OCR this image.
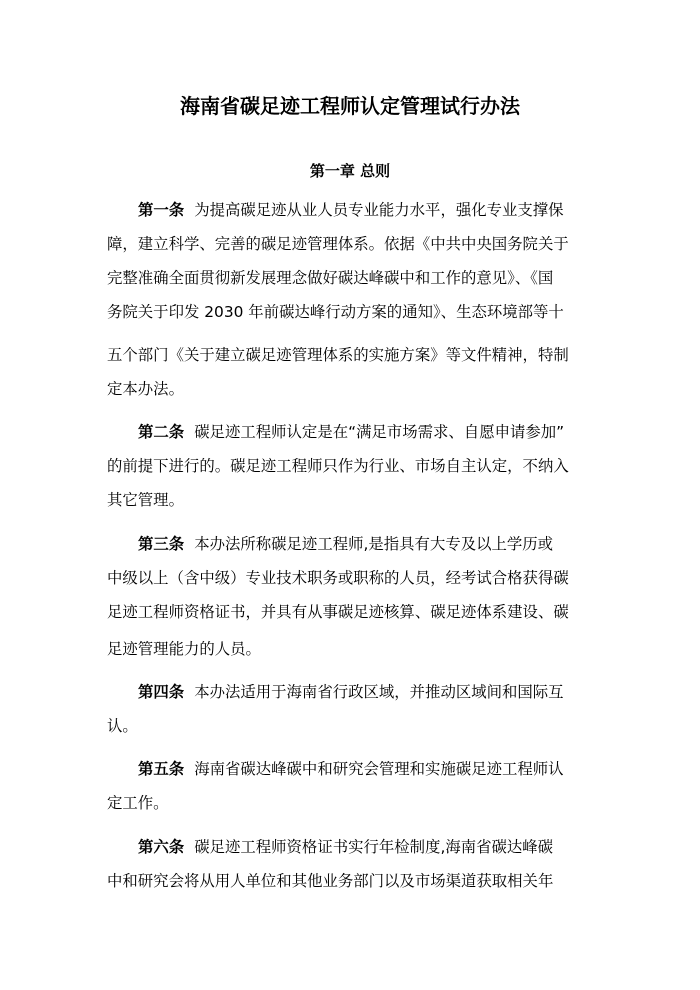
海南省碳足迹工程师认定管理试行办法
第一章 总则
第一条 为提高碳足迹从业人员专业能力水平，强化专业支撑保
障，建立科学、完善的碳足迹管理体系。依据《中共中央国务院关于
完整准确全面贯彻新发展理念做好碳达峰碳中和工作的意见》、《国
务院关于印发 2030 年前碳达峰行动方案的通知》、生态环境部等十
五个部门《关于建立碳足迹管理体系的实施方案》等文件精神，特制
定本办法。
第二条 碳足迹工程师认定是在“满足市场需求、自愿申请参加”
的前提下进行的。碳足迹工程师只作为行业、市场自主认定，不纳入
其它管理。
第三条 本办法所称碳足迹工程师,是指具有大专及以上学历或
中级以上（含中级）专业技术职务或职称的人员，经考试合格获得碳
足迹工程师资格证书，并具有从事碳足迹核算、碳足迹体系建设、碳
足迹管理能力的人员。
第四条 本办法适用于海南省行政区域，并推动区域间和国际互
认。
第五条 海南省碳达峰碳中和研究会管理和实施碳足迹工程师认
定工作。
第六条 碳足迹工程师资格证书实行年检制度,海南省碳达峰碳
中和研究会将从用人单位和其他业务部门以及市场渠道获取相关年
